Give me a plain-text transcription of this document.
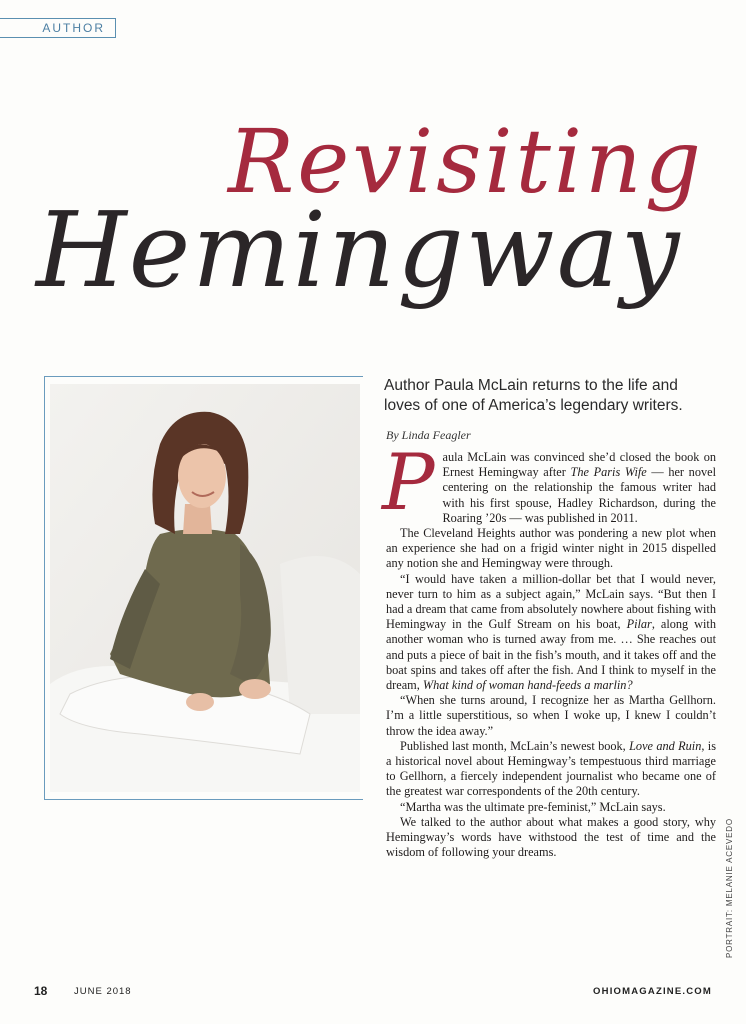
AUTHOR
Revisiting
Hemingway
Author Paula McLain returns to the life and loves of one of America’s legendary writers.
By Linda Feagler

Paula McLain was convinced she’d closed the book on Ernest Hemingway after The Paris Wife — her novel centering on the relationship the famous writer had with his first spouse, Hadley Richardson, during the Roaring ’20s — was published in 2011.

The Cleveland Heights author was pondering a new plot when an experience she had on a frigid winter night in 2015 dispelled any notion she and Hemingway were through.

“I would have taken a million-dollar bet that I would never, never turn to him as a subject again,” McLain says. “But then I had a dream that came from absolutely nowhere about fishing with Hemingway in the Gulf Stream on his boat, Pilar, along with another woman who is turned away from me. … She reaches out and puts a piece of bait in the fish’s mouth, and it takes off and the boat spins and takes off after the fish. And I think to myself in the dream, What kind of woman hand-feeds a marlin?

“When she turns around, I recognize her as Martha Gellhorn. I’m a little superstitious, so when I woke up, I knew I couldn’t throw the idea away.”

Published last month, McLain’s newest book, Love and Ruin, is a historical novel about Hemingway’s tempestuous third marriage to Gellhorn, a fiercely independent journalist who became one of the greatest war correspondents of the 20th century.

“Martha was the ultimate pre-feminist,” McLain says.

We talked to the author about what makes a good story, why Hemingway’s words have withstood the test of time and the wisdom of following your dreams.	PORTRAIT: MELANIE ACEVEDO
18	JUNE 2018	OHIOMAGAZINE.COM
